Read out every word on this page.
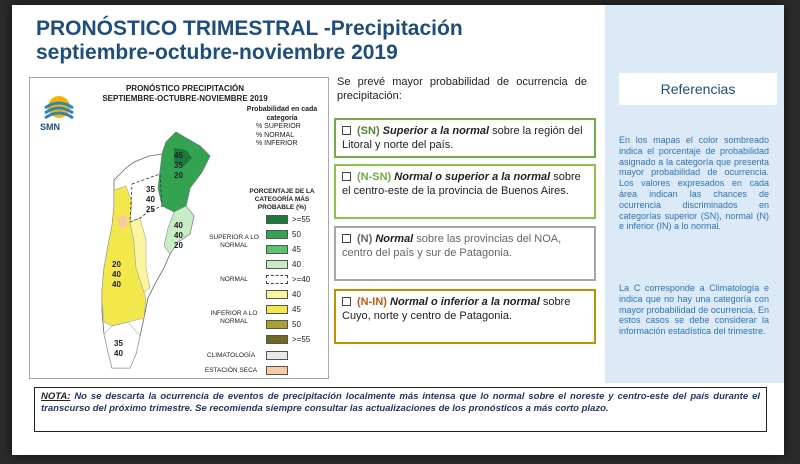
PRONÓSTICO TRIMESTRAL -Precipitación
septiembre-octubre-noviembre 2019
Referencias
En los mapas el color sombreado indica el porcentaje de probabilidad asignado a la categoría que presenta mayor probabilidad de ocurrencia. Los valores expresados en cada área indican las chances de ocurrencia discriminados en categorías superior (SN), normal (N) e inferior (IN) a lo normal.
La C corresponde a Climatología e indica que no hay una categoría con mayor probabilidad de ocurrencia. En estos casos se debe considerar la información estadística del trimestre.
PRONÓSTICO PRECIPITACIÓN
SEPTIEMBRE-OCTUBRE-NOVIEMBRE 2019
SMN
Probabilidad en cada categoría
% SUPERIOR
% NORMAL
% INFERIOR
PORCENTAJE DE LA CATEGORÍA MÁS PROBABLE (%)
>=55
50
45
40
SUPERIOR A LO NORMAL
>=40
NORMAL
40
45
50
>=55
INFERIOR A LO NORMAL
CLIMATOLOGÍA
ESTACIÓN SECA
45
35
20
35
40
25
40
40
20
20
40
40
35
40
Se prevé mayor probabilidad de ocurrencia de precipitación:
(SN) Superior a la normal sobre la región del Litoral y norte del país.
(N-SN) Normal o superior a la normal sobre el centro-este de la provincia de Buenos Aires.
(N) Normal sobre las provincias del NOA, centro del país y sur de Patagonia.
(N-IN) Normal o inferior a la normal sobre Cuyo, norte y centro de Patagonia.
NOTA: No se descarta la ocurrencia de eventos de precipitación localmente más intensa que lo normal sobre el noreste y centro-este del país durante el transcurso del próximo trimestre. Se recomienda siempre consultar las actualizaciones de los pronósticos a más corto plazo.
